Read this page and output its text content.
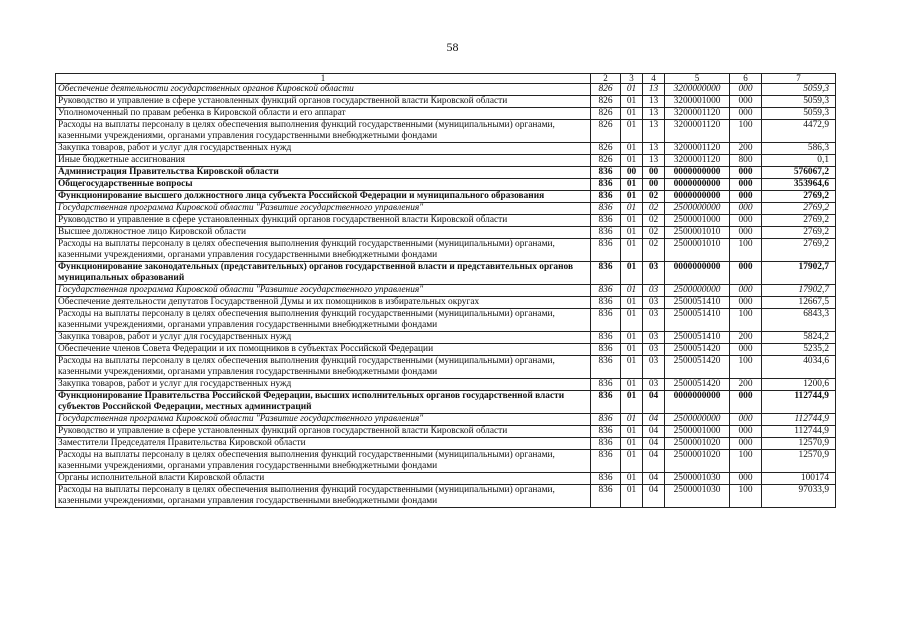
58
1	2	3	4	5	6	7
Обеспечение деятельности государственных органов Кировской области	826	01	13	3200000000	000	5059,3
Руководство и управление в сфере установленных функций органов государственной власти Кировской области	826	01	13	3200001000	000	5059,3
Уполномоченный по правам ребенка в Кировской области и его аппарат	826	01	13	3200001120	000	5059,3
Расходы на выплаты персоналу в целях обеспечения выполнения функций государственными (муниципальными) органами, казенными учреждениями, органами управления государственными внебюджетными фондами	826	01	13	3200001120	100	4472,9
Закупка товаров, работ и услуг для государственных нужд	826	01	13	3200001120	200	586,3
Иные бюджетные ассигнования	826	01	13	3200001120	800	0,1
Администрация Правительства Кировской области	836	00	00	0000000000	000	576067,2
Общегосударственные вопросы	836	01	00	0000000000	000	353964,6
Функционирование высшего должностного лица субъекта Российской Федерации и муниципального образования	836	01	02	0000000000	000	2769,2
Государственная программа Кировской области "Развитие государственного управления"	836	01	02	2500000000	000	2769,2
Руководство и управление в сфере установленных функций органов государственной власти Кировской области	836	01	02	2500001000	000	2769,2
Высшее должностное лицо Кировской области	836	01	02	2500001010	000	2769,2
Расходы на выплаты персоналу в целях обеспечения выполнения функций государственными (муниципальными) органами, казенными учреждениями, органами управления государственными внебюджетными фондами	836	01	02	2500001010	100	2769,2
Функционирование законодательных (представительных) органов государственной власти и представительных органов муниципальных образований	836	01	03	0000000000	000	17902,7
Государственная программа Кировской области "Развитие государственного управления"	836	01	03	2500000000	000	17902,7
Обеспечение деятельности депутатов Государственной Думы и их помощников в избирательных округах	836	01	03	2500051410	000	12667,5
Расходы на выплаты персоналу в целях обеспечения выполнения функций государственными (муниципальными) органами, казенными учреждениями, органами управления государственными внебюджетными фондами	836	01	03	2500051410	100	6843,3
Закупка товаров, работ и услуг для государственных нужд	836	01	03	2500051410	200	5824,2
Обеспечение членов Совета Федерации и их помощников в субъектах Российской Федерации	836	01	03	2500051420	000	5235,2
Расходы на выплаты персоналу в целях обеспечения выполнения функций государственными (муниципальными) органами, казенными учреждениями, органами управления государственными внебюджетными фондами	836	01	03	2500051420	100	4034,6
Закупка товаров, работ и услуг для государственных нужд	836	01	03	2500051420	200	1200,6
Функционирование Правительства Российской Федерации, высших исполнительных органов государственной власти субъектов Российской Федерации, местных администраций	836	01	04	0000000000	000	112744,9
Государственная программа Кировской области "Развитие государственного управления"	836	01	04	2500000000	000	112744,9
Руководство и управление в сфере установленных функций органов государственной власти Кировской области	836	01	04	2500001000	000	112744,9
Заместители Председателя Правительства Кировской области	836	01	04	2500001020	000	12570,9
Расходы на выплаты персоналу в целях обеспечения выполнения функций государственными (муниципальными) органами, казенными учреждениями, органами управления государственными внебюджетными фондами	836	01	04	2500001020	100	12570,9
Органы исполнительной власти Кировской области	836	01	04	2500001030	000	100174
Расходы на выплаты персоналу в целях обеспечения выполнения функций государственными (муниципальными) органами, казенными учреждениями, органами управления государственными внебюджетными фондами	836	01	04	2500001030	100	97033,9
